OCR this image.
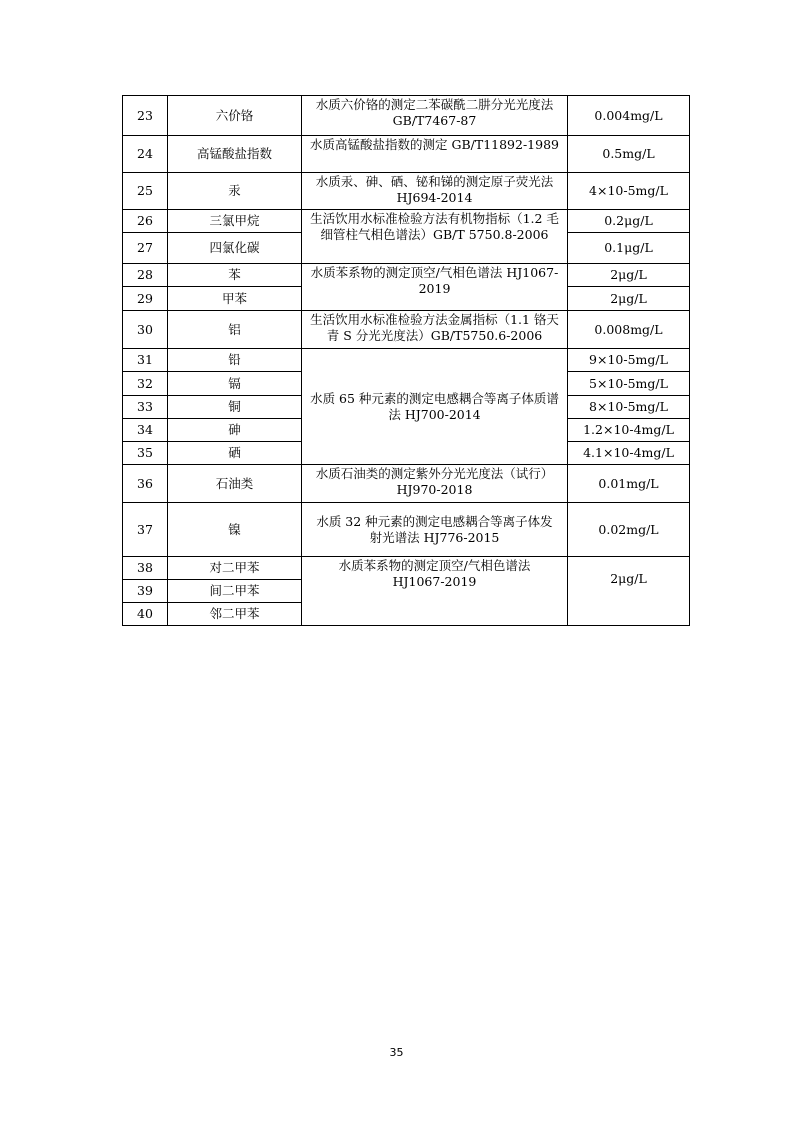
23	六价铬	水质六价铬的测定二苯碳酰二肼分光光度法 GB/T7467-87	0.004mg/L
24	高锰酸盐指数	水质高锰酸盐指数的测定 GB/T11892-1989	0.5mg/L
25	汞	水质汞、砷、硒、铋和锑的测定原子荧光法 HJ694-2014	4×10-5mg/L
26	三氯甲烷	生活饮用水标准检验方法有机物指标（1.2 毛细管柱气相色谱法）GB/T 5750.8-2006	0.2μg/L
27	四氯化碳		0.1μg/L
28	苯	水质苯系物的测定顶空/气相色谱法 HJ1067-2019	2μg/L
29	甲苯		2μg/L
30	铝	生活饮用水标准检验方法金属指标（1.1 铬天青 S 分光光度法）GB/T5750.6-2006	0.008mg/L
31	铅	水质 65 种元素的测定电感耦合等离子体质谱法 HJ700-2014	9×10-5mg/L
32	镉		5×10-5mg/L
33	铜		8×10-5mg/L
34	砷		1.2×10-4mg/L
35	硒		4.1×10-4mg/L
36	石油类	水质石油类的测定紫外分光光度法（试行）HJ970-2018	0.01mg/L
37	镍	水质 32 种元素的测定电感耦合等离子体发射光谱法 HJ776-2015	0.02mg/L
38	对二甲苯	水质苯系物的测定顶空/气相色谱法 HJ1067-2019	2μg/L
39	间二甲苯		
40	邻二甲苯		
35
